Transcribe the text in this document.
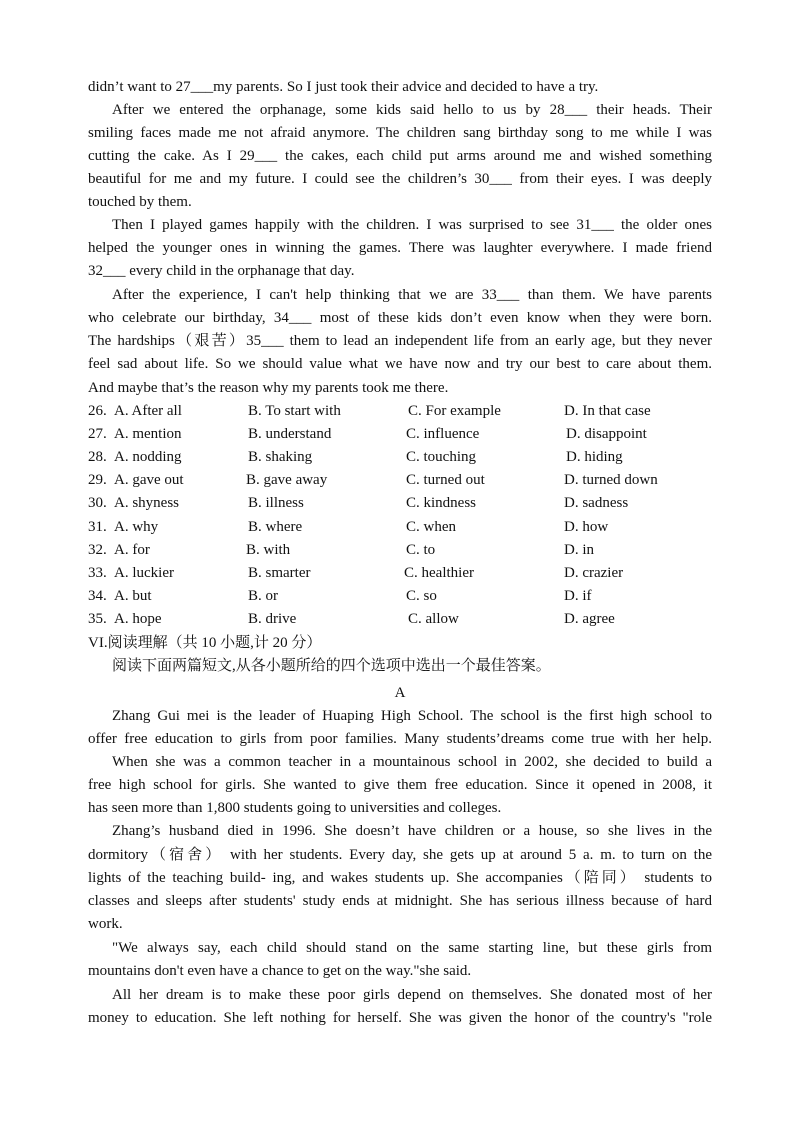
didn’t want to 27___my parents. So I just took their advice and decided to have a try.
After we entered the orphanage, some kids said hello to us by 28___ their heads. Their
smiling faces made me not afraid anymore. The children sang birthday song to me while I was
cutting the cake. As I 29___ the cakes, each child put arms around me and wished something
beautiful for me and my future. I could see the children’s 30___ from their eyes. I was deeply
touched by them.
Then I played games happily with the children. I was surprised to see 31___ the older ones
helped the younger ones in winning the games. There was laughter everywhere. I made friend
32___ every child in the orphanage that day.
After the experience, I can't help thinking that we are 33___ than them. We have parents
who celebrate our birthday, 34___ most of these kids don’t even know when they were born.
The hardships（艰苦）35___ them to lead an independent life from an early age, but they never
feel sad about life. So we should value what we have now and try our best to care about them.
And maybe that’s the reason why my parents took me there.
26. A. After all	B. To start with	C. For example	D. In that case
27. A. mention	B. understand	C. influence	D. disappoint
28. A. nodding	B. shaking	C. touching	D. hiding
29. A. gave out	B. gave away	C. turned out	D. turned down
30. A. shyness	B. illness	C. kindness	D. sadness
31. A. why	B. where	C. when	D. how
32. A. for	B. with	C. to	D. in
33. A. luckier	B. smarter	C. healthier	D. crazier
34. A. but	B. or	C. so	D. if
35. A. hope	B. drive	C. allow	D. agree
VI.阅读理解（共 10 小题,计 20 分）
阅读下面两篇短文,从各小题所给的四个选项中选出一个最佳答案。
A
Zhang Gui mei is the leader of Huaping High School. The school is the first high school to
offer free education to girls from poor families. Many students’dreams come true with her help.
When she was a common teacher in a mountainous school in 2002, she decided to build a
free high school for girls. She wanted to give them free education. Since it opened in 2008, it
has seen more than 1,800 students going to universities and colleges.
Zhang’s husband died in 1996. She doesn’t have children or a house, so she lives in the
dormitory（宿舍） with her students. Every day, she gets up at around 5 a. m. to turn on the
lights of the teaching build- ing, and wakes students up. She accompanies（陪同） students to
classes and sleeps after students' study ends at midnight. She has serious illness because of hard
work.
"We always say, each child should stand on the same starting line, but these girls from
mountains don't even have a chance to get on the way."she said.
All her dream is to make these poor girls depend on themselves. She donated most of her
money to education. She left nothing for herself. She was given the honor of the country's "role
